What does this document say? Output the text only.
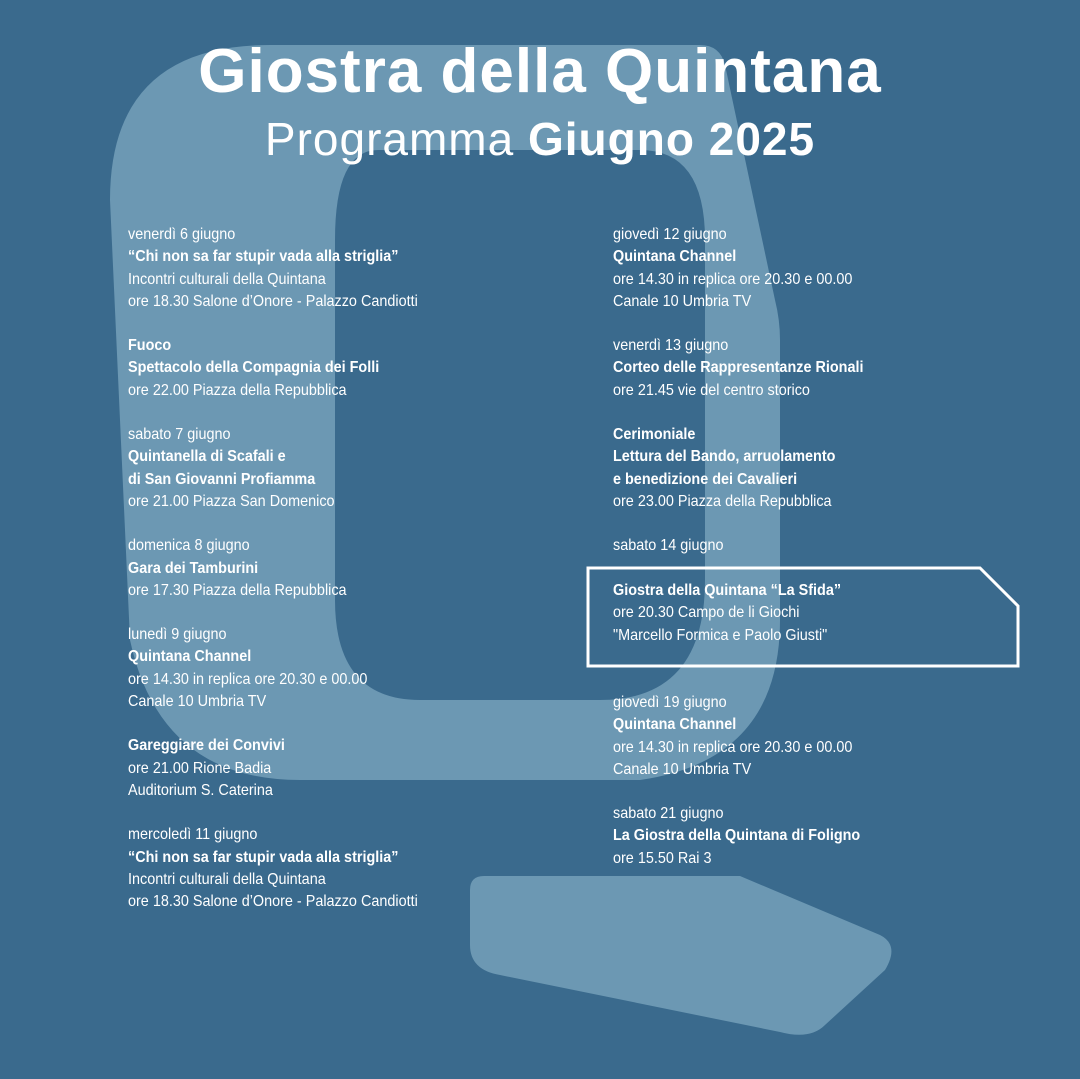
Giostra della Quintana
Programma Giugno 2025
venerdì 6 giugno
“Chi non sa far stupir vada alla striglia”
Incontri culturali della Quintana
ore 18.30 Salone d’Onore - Palazzo Candiotti
Fuoco
Spettacolo della Compagnia dei Folli
ore 22.00 Piazza della Repubblica
sabato 7 giugno
Quintanella di Scafali e
di San Giovanni Profiamma
ore 21.00 Piazza San Domenico
domenica 8 giugno
Gara dei Tamburini
ore 17.30 Piazza della Repubblica
lunedì 9 giugno
Quintana Channel
ore 14.30 in replica ore 20.30 e 00.00
Canale 10 Umbria TV
Gareggiare dei Convivi
ore 21.00 Rione Badia
Auditorium S. Caterina
mercoledì 11 giugno
“Chi non sa far stupir vada alla striglia”
Incontri culturali della Quintana
ore 18.30 Salone d’Onore - Palazzo Candiotti
giovedì 12 giugno
Quintana Channel
ore 14.30 in replica ore 20.30 e 00.00
Canale 10 Umbria TV
venerdì 13 giugno
Corteo delle Rappresentanze Rionali
ore 21.45 vie del centro storico
Cerimoniale
Lettura del Bando, arruolamento
e benedizione dei Cavalieri
ore 23.00 Piazza della Repubblica
sabato 14 giugno
Giostra della Quintana “La Sfida”
ore 20.30 Campo de li Giochi
"Marcello Formica e Paolo Giusti"
giovedì 19 giugno
Quintana Channel
ore 14.30 in replica ore 20.30 e 00.00
Canale 10 Umbria TV
sabato 21 giugno
La Giostra della Quintana di Foligno
ore 15.50 Rai 3
